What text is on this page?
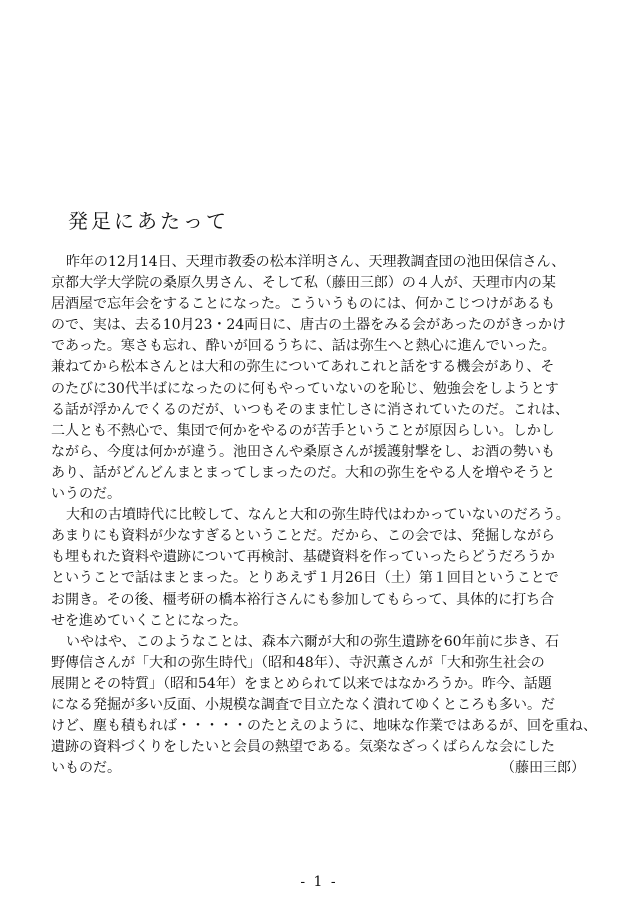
発足にあたって
昨年の12月14日、天理市教委の松本洋明さん、天理教調査団の池田保信さん、
京都大学大学院の桑原久男さん、そして私（藤田三郎）の４人が、天理市内の某
居酒屋で忘年会をすることになった。こういうものには、何かこじつけがあるも
ので、実は、去る10月23・24両日に、唐古の土器をみる会があったのがきっかけ
であった。寒さも忘れ、酔いが回るうちに、話は弥生へと熱心に進んでいった。
兼ねてから松本さんとは大和の弥生についてあれこれと話をする機会があり、そ
のたびに30代半ばになったのに何もやっていないのを恥じ、勉強会をしようとす
る話が浮かんでくるのだが、いつもそのまま忙しさに消されていたのだ。これは、
二人とも不熱心で、集団で何かをやるのが苦手ということが原因らしい。しかし
ながら、今度は何かが違う。池田さんや桑原さんが援護射撃をし、お酒の勢いも
あり、話がどんどんまとまってしまったのだ。大和の弥生をやる人を増やそうと
いうのだ。
大和の古墳時代に比較して、なんと大和の弥生時代はわかっていないのだろう。
あまりにも資料が少なすぎるということだ。だから、この会では、発掘しながら
も埋もれた資料や遺跡について再検討、基礎資料を作っていったらどうだろうか
ということで話はまとまった。とりあえず１月26日（土）第１回目ということで
お開き。その後、橿考研の橋本裕行さんにも参加してもらって、具体的に打ち合
せを進めていくことになった。
いやはや、このようなことは、森本六爾が大和の弥生遺跡を60年前に歩き、石
野傳信さんが「大和の弥生時代」（昭和48年）、寺沢薫さんが「大和弥生社会の
展開とその特質」（昭和54年）をまとめられて以来ではなかろうか。昨今、話題
になる発掘が多い反面、小規模な調査で目立たなく潰れてゆくところも多い。だ
けど、塵も積もれば・・・・・のたとえのように、地味な作業ではあるが、回を重ね、
遺跡の資料づくりをしたいと会員の熱望である。気楽なざっくばらんな会にした
いものだ。	（藤田三郎）
- 1 -
